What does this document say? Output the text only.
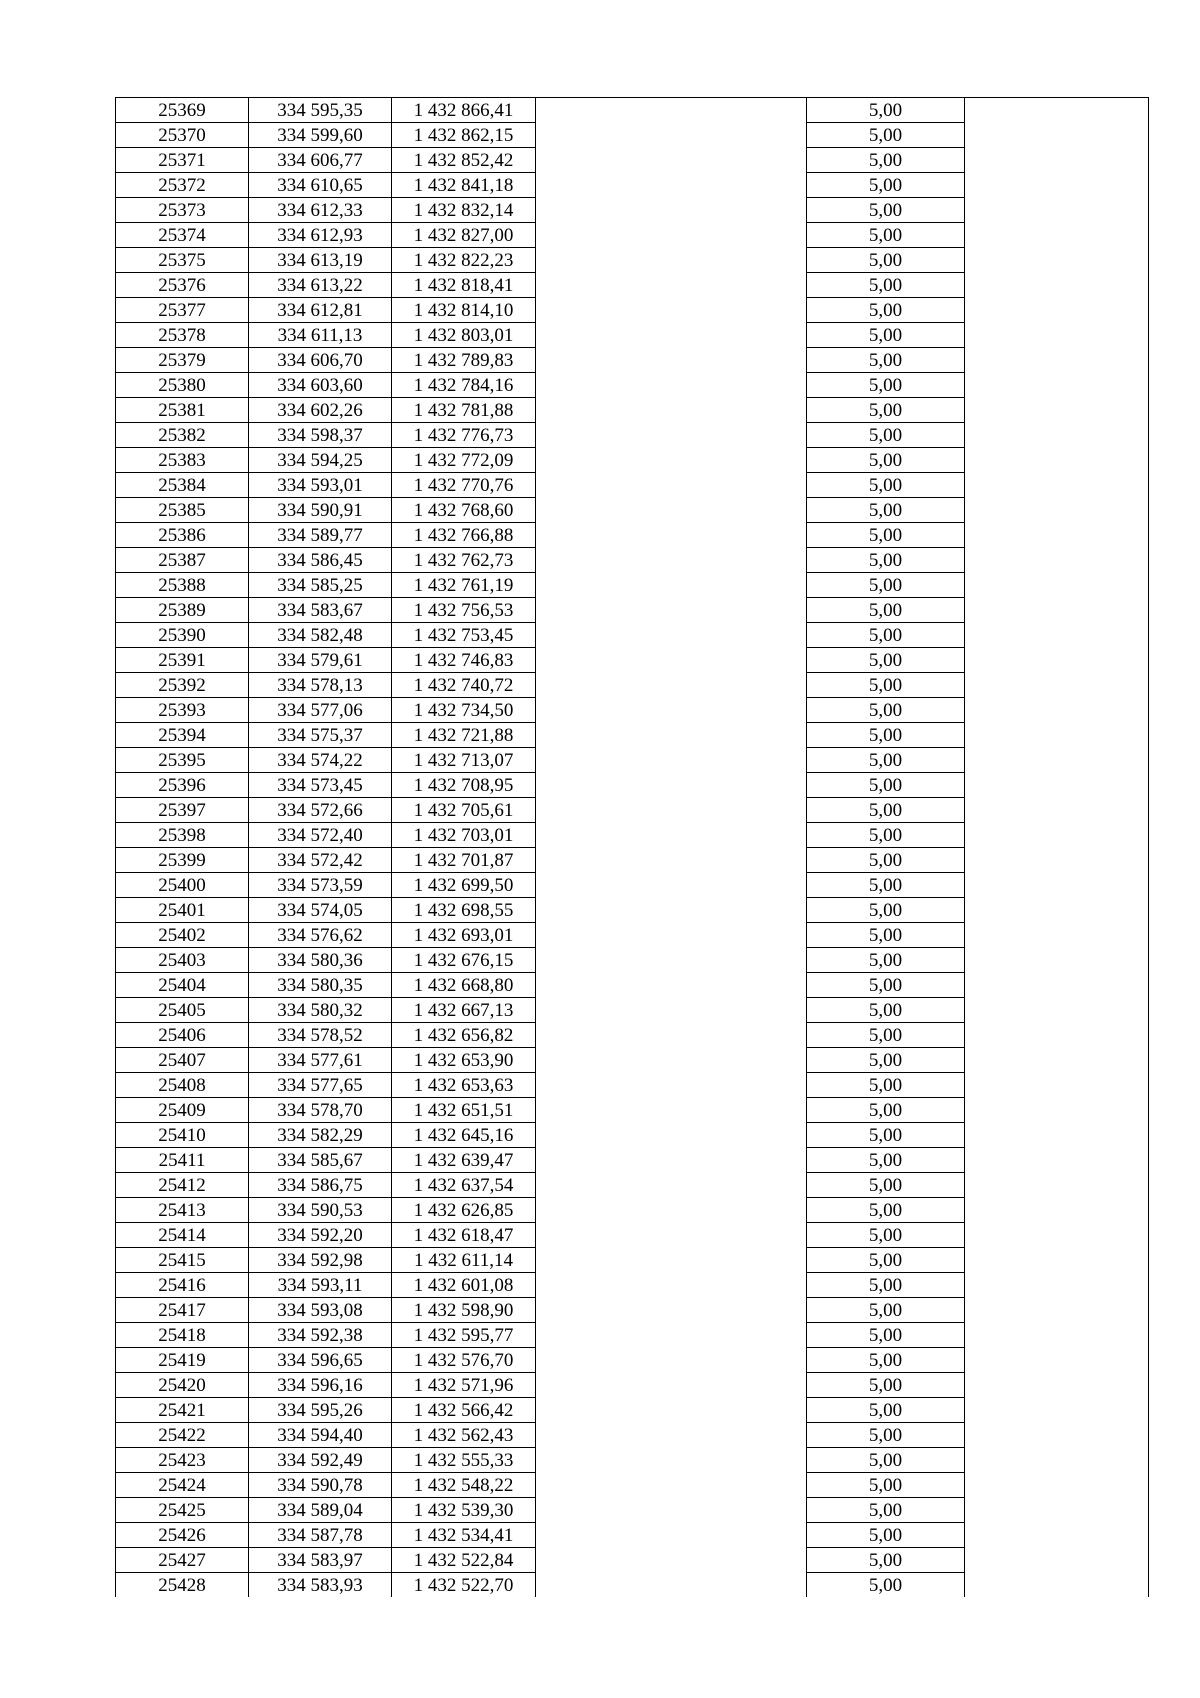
25369	334 595,35	1 432 866,41		5,00	
25370	334 599,60	1 432 862,15		5,00	
25371	334 606,77	1 432 852,42		5,00	
25372	334 610,65	1 432 841,18		5,00	
25373	334 612,33	1 432 832,14		5,00	
25374	334 612,93	1 432 827,00		5,00	
25375	334 613,19	1 432 822,23		5,00	
25376	334 613,22	1 432 818,41		5,00	
25377	334 612,81	1 432 814,10		5,00	
25378	334 611,13	1 432 803,01		5,00	
25379	334 606,70	1 432 789,83		5,00	
25380	334 603,60	1 432 784,16		5,00	
25381	334 602,26	1 432 781,88		5,00	
25382	334 598,37	1 432 776,73		5,00	
25383	334 594,25	1 432 772,09		5,00	
25384	334 593,01	1 432 770,76		5,00	
25385	334 590,91	1 432 768,60		5,00	
25386	334 589,77	1 432 766,88		5,00	
25387	334 586,45	1 432 762,73		5,00	
25388	334 585,25	1 432 761,19		5,00	
25389	334 583,67	1 432 756,53		5,00	
25390	334 582,48	1 432 753,45		5,00	
25391	334 579,61	1 432 746,83		5,00	
25392	334 578,13	1 432 740,72		5,00	
25393	334 577,06	1 432 734,50		5,00	
25394	334 575,37	1 432 721,88		5,00	
25395	334 574,22	1 432 713,07		5,00	
25396	334 573,45	1 432 708,95		5,00	
25397	334 572,66	1 432 705,61		5,00	
25398	334 572,40	1 432 703,01		5,00	
25399	334 572,42	1 432 701,87		5,00	
25400	334 573,59	1 432 699,50		5,00	
25401	334 574,05	1 432 698,55		5,00	
25402	334 576,62	1 432 693,01		5,00	
25403	334 580,36	1 432 676,15		5,00	
25404	334 580,35	1 432 668,80		5,00	
25405	334 580,32	1 432 667,13		5,00	
25406	334 578,52	1 432 656,82		5,00	
25407	334 577,61	1 432 653,90		5,00	
25408	334 577,65	1 432 653,63		5,00	
25409	334 578,70	1 432 651,51		5,00	
25410	334 582,29	1 432 645,16		5,00	
25411	334 585,67	1 432 639,47		5,00	
25412	334 586,75	1 432 637,54		5,00	
25413	334 590,53	1 432 626,85		5,00	
25414	334 592,20	1 432 618,47		5,00	
25415	334 592,98	1 432 611,14		5,00	
25416	334 593,11	1 432 601,08		5,00	
25417	334 593,08	1 432 598,90		5,00	
25418	334 592,38	1 432 595,77		5,00	
25419	334 596,65	1 432 576,70		5,00	
25420	334 596,16	1 432 571,96		5,00	
25421	334 595,26	1 432 566,42		5,00	
25422	334 594,40	1 432 562,43		5,00	
25423	334 592,49	1 432 555,33		5,00	
25424	334 590,78	1 432 548,22		5,00	
25425	334 589,04	1 432 539,30		5,00	
25426	334 587,78	1 432 534,41		5,00	
25427	334 583,97	1 432 522,84		5,00	
25428	334 583,93	1 432 522,70		5,00	
